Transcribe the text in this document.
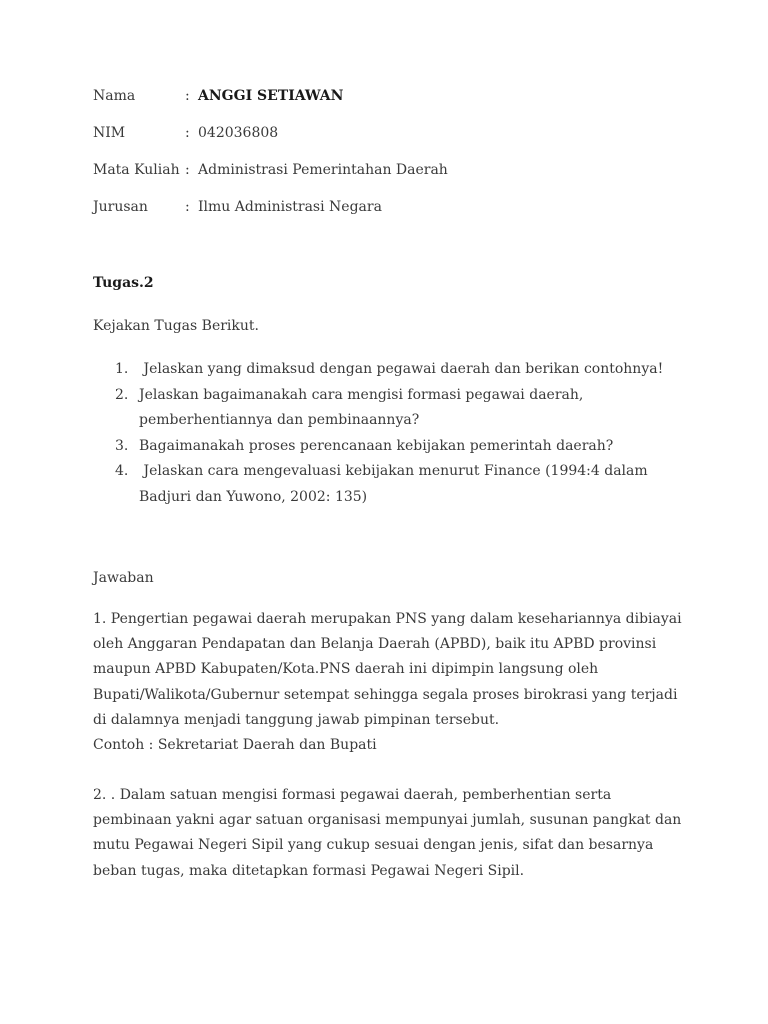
Nama	: ANGGI SETIAWAN
NIM	: 042036808
Mata Kuliah : Administrasi Pemerintahan Daerah
Jurusan	: Ilmu Administrasi Negara
Tugas.2
Kejakan Tugas Berikut.
1. Jelaskan yang dimaksud dengan pegawai daerah dan berikan contohnya!
2. Jelaskan bagaimanakah cara mengisi formasi pegawai daerah, pemberhentiannya dan pembinaannya?
3. Bagaimanakah proses perencanaan kebijakan pemerintah daerah?
4. Jelaskan cara mengevaluasi kebijakan menurut Finance (1994:4 dalam Badjuri dan Yuwono, 2002: 135)
Jawaban

1. Pengertian pegawai daerah merupakan PNS yang dalam kesehariannya dibiayai oleh Anggaran Pendapatan dan Belanja Daerah (APBD), baik itu APBD provinsi maupun APBD Kabupaten/Kota.PNS daerah ini dipimpin langsung oleh Bupati/Walikota/Gubernur setempat sehingga segala proses birokrasi yang terjadi di dalamnya menjadi tanggung jawab pimpinan tersebut.

Contoh : Sekretariat Daerah dan Bupati

2. . Dalam satuan mengisi formasi pegawai daerah, pemberhentian serta pembinaan yakni agar satuan organisasi mempunyai jumlah, susunan pangkat dan mutu Pegawai Negeri Sipil yang cukup sesuai dengan jenis, sifat dan besarnya beban tugas, maka ditetapkan formasi Pegawai Negeri Sipil.
